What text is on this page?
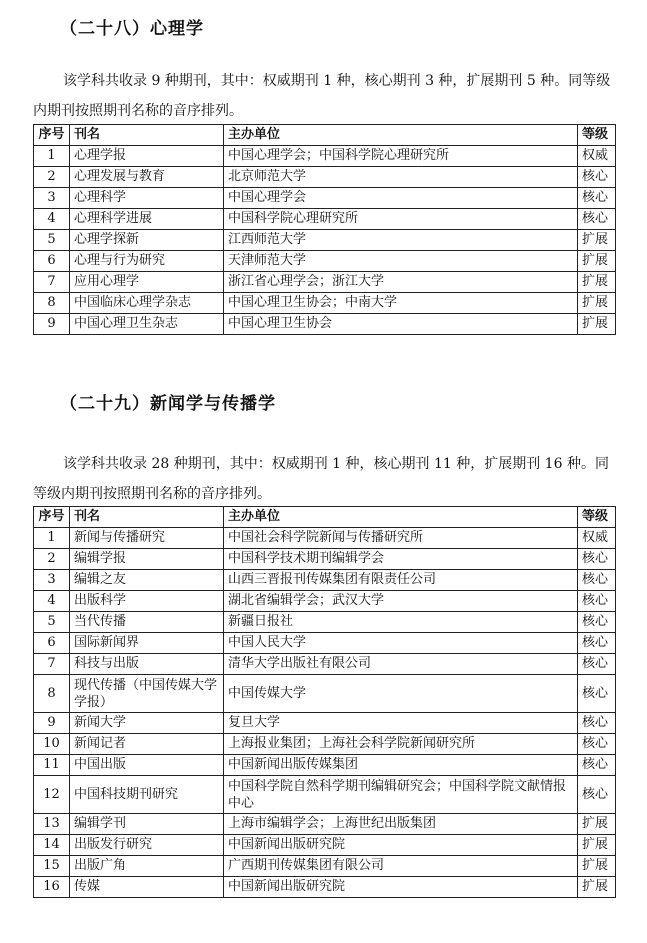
（二十八）心理学

该学科共收录 9 种期刊，其中：权威期刊 1 种，核心期刊 3 种，扩展期刊 5 种。同等级内期刊按照期刊名称的音序排列。

序号	刊名	主办单位	等级
1	心理学报	中国心理学会；中国科学院心理研究所	权威
2	心理发展与教育	北京师范大学	核心
3	心理科学	中国心理学会	核心
4	心理科学进展	中国科学院心理研究所	核心
5	心理学探新	江西师范大学	扩展
6	心理与行为研究	天津师范大学	扩展
7	应用心理学	浙江省心理学会；浙江大学	扩展
8	中国临床心理学杂志	中国心理卫生协会；中南大学	扩展
9	中国心理卫生杂志	中国心理卫生协会	扩展
（二十九）新闻学与传播学

该学科共收录 28 种期刊，其中：权威期刊 1 种，核心期刊 11 种，扩展期刊 16 种。同等级内期刊按照期刊名称的音序排列。

序号	刊名	主办单位	等级
1	新闻与传播研究	中国社会科学院新闻与传播研究所	权威
2	编辑学报	中国科学技术期刊编辑学会	核心
3	编辑之友	山西三晋报刊传媒集团有限责任公司	核心
4	出版科学	湖北省编辑学会；武汉大学	核心
5	当代传播	新疆日报社	核心
6	国际新闻界	中国人民大学	核心
7	科技与出版	清华大学出版社有限公司	核心
8	现代传播（中国传媒大学学报）	中国传媒大学	核心
9	新闻大学	复旦大学	核心
10	新闻记者	上海报业集团；上海社会科学院新闻研究所	核心
11	中国出版	中国新闻出版传媒集团	核心
12	中国科技期刊研究	中国科学院自然科学期刊编辑研究会；中国科学院文献情报中心	核心
13	编辑学刊	上海市编辑学会；上海世纪出版集团	扩展
14	出版发行研究	中国新闻出版研究院	扩展
15	出版广角	广西期刊传媒集团有限公司	扩展
16	传媒	中国新闻出版研究院	扩展
